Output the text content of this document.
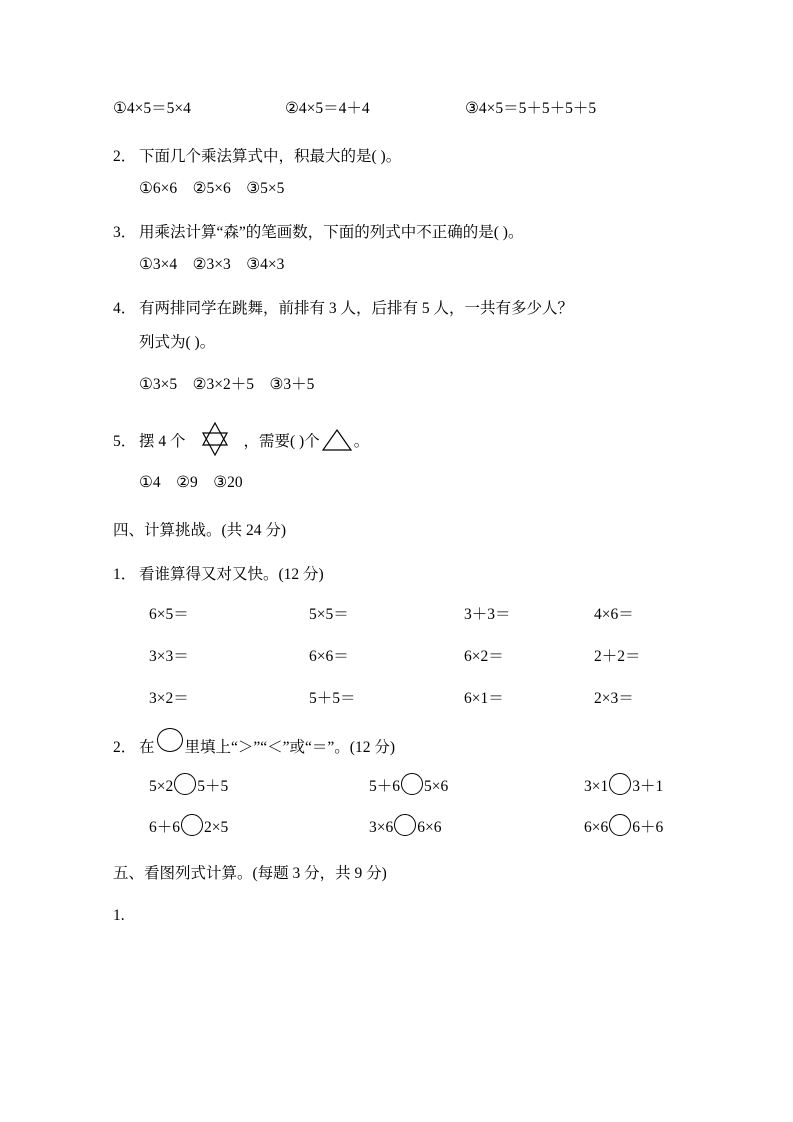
①4×5＝5×4	②4×5＝4＋4	③4×5＝5＋5＋5＋5
2． 下面几个乘法算式中，积最大的是( )。
①6×6　②5×6　③5×5
3． 用乘法计算“森”的笔画数，下面的列式中不正确的是( )。
①3×4　②3×3　③4×3
4． 有两排同学在跳舞，前排有 3 人，后排有 5 人，一共有多少人？
列式为( )。
①3×5　②3×2＋5　③3＋5
5． 摆 4 个	，需要( )个 。
①4　②9　③20
四、计算挑战。(共 24 分)
1． 看谁算得又对又快。(12 分)
6×5＝	5×5＝	3＋3＝	4×6＝
3×3＝	6×6＝	6×2＝	2＋2＝
3×2＝	5＋5＝	6×1＝	2×3＝
2． 在 里填上“＞”“＜”或“＝”。(12 分)
5×2 5＋5	5＋6 5×6	3×1 3＋1
6＋6 2×5	3×6 6×6	6×6 6＋6
五、看图列式计算。(每题 3 分，共 9 分)
1.
